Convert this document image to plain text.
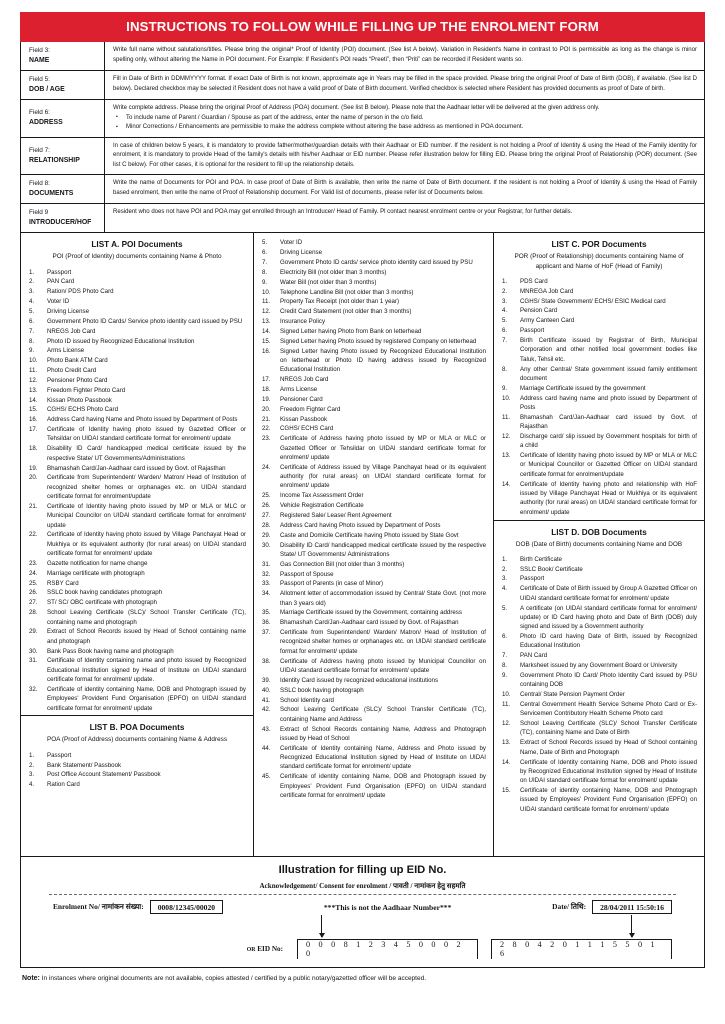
INSTRUCTIONS TO FOLLOW WHILE FILLING UP THE ENROLMENT FORM
Field 3:
NAME

Write full name without salutations/titles. Please bring the original* Proof of Identity (POI) document. (See list A below). Variation in Resident's Name in contrast to POI is permissible as long as the change is minor spelling only, without altering the Name in POI document. For Example: If Resident's POI reads “Preeti”, then “Priti” can be recorded if Resident wants so.

Field 5:
DOB / AGE

Fill in Date of Birth in DDMMYYYY format. If exact Date of Birth is not known, approximate age in Years may be filled in the space provided. Please bring the original Proof of Date of Birth (DOB), if available. (See list D below). Declared checkbox may be selected if Resident does not have a valid proof of Date of Birth document. Verified checkbox is selected where Resident has provided documents as proof of Date of birth.

Field 6:
ADDRESS

Write complete address. Please bring the original Proof of Address (POA) document. (See list B below). Please note that the Aadhaar letter will be delivered at the given address only.

▪ To include name of Parent / Guardian / Spouse as part of the address, enter the name of person in the c/o field.
▪ Minor Corrections / Enhancements are permissible to make the address complete without altering the base address as mentioned in POA document.
Field 7:
RELATIONSHIP

In case of children below 5 years, it is mandatory to provide father/mother/guardian details with their Aadhaar or EID number. If the resident is not holding a Proof of Identity & using the Head of the Family identity for enrolment, it is mandatory to provide Head of the family's details with his/her Aadhaar or EID number. Please refer illustration below for filling EID. Please bring the original Proof of Relationship (POR) document. (See list C below). For other cases, it is optional for the resident to fill up the relationship details.

Field 8:
DOCUMENTS

Write the name of Documents for POI and POA. In case proof of Date of Birth is available, then write the name of Date of Birth document. If the resident is not holding a Proof of Identity & using the Head of Family based enrolment, then write the name of Proof of Relationship document. For Valid list of documents, please refer list of Documents below.

Field 9
INTRODUCER/HOF

Resident who does not have POI and POA may get enrolled through an Introducer/ Head of Family. Pl contact nearest enrolment centre or your Registrar, for further details.

LIST A. POI Documents
POI (Proof of Identity) documents containing Name & Photo
Passport
PAN Card
Ration/ PDS Photo Card
Voter ID
Driving License
Government Photo ID Cards/ Service photo identity card issued by PSU
NREGS Job Card
Photo ID issued by Recognized Educational Institution
Arms License
Photo Bank ATM Card
Photo Credit Card
Pensioner Photo Card
Freedom Fighter Photo Card
Kissan Photo Passbook
CGHS/ ECHS Photo Card
Address Card having Name and Photo issued by Department of Posts
Certificate of Identity having photo issued by Gazetted Officer or Tehsildar on UIDAI standard certificate format for enrolment/ update
Disability ID Card/ handicapped medical certificate issued by the respective State/ UT Governments/Administrations
Bhamashah Card/Jan-Aadhaar card issued by Govt. of Rajasthan
Certificate from Superintendent/ Warden/ Matron/ Head of Institution of recognized shelter homes or orphanages etc. on UIDAI standard certificate format for enrolment/update
Certificate of Identity having photo issued by MP or MLA or MLC or Municipal Councilor on UIDAI standard certificate format for enrolment/ update
Certificate of Identity having photo issued by Village Panchayat Head or Mukhiya or its equivalent authority (for rural areas) on UIDAI standard certificate format for enrolment/ update
Gazette notification for name change
Marriage certificate with photograph
RSBY Card
SSLC book having candidates photograph
ST/ SC/ OBC certificate with photograph
School Leaving Certificate (SLC)/ School Transfer Certificate (TC), containing name and photograph
Extract of School Records issued by Head of School containing name and photograph
Bank Pass Book having name and photograph
Certificate of Identity containing name and photo issued by Recognized Educational Institution signed by Head of Institute on UIDAI standard certificate format for enrolment/ update.
Certificate of identity containing Name, DOB and Photograph issued by Employees' Provident Fund Organisation (EPFO) on UIDAI standard certificate format for enrolment/ update
LIST B. POA Documents
POA (Proof of Address) documents containing Name & Address
Passport
Bank Statement/ Passbook
Post Office Account Statement/ Passbook
Ration Card
Voter ID
Driving License
Government Photo ID cards/ service photo identity card issued by PSU
Electricity Bill (not older than 3 months)
Water Bill (not older than 3 months)
Telephone Landline Bill (not older than 3 months)
Property Tax Receipt (not older than 1 year)
Credit Card Statement (not older than 3 months)
Insurance Policy
Signed Letter having Photo from Bank on letterhead
Signed Letter having Photo issued by registered Company on letterhead
Signed Letter having Photo issued by Recognized Educational Institution on letterhead or Photo ID having address issued by Recognized Educational Institution
NREGS Job Card
Arms License
Pensioner Card
Freedom Fighter Card
Kissan Passbook
CGHS/ ECHS Card
Certificate of Address having photo issued by MP or MLA or MLC or Gazetted Officer or Tehsildar on UIDAI standard certificate format for enrolment/ update
Certificate of Address issued by Village Panchayat head or its equivalent authority (for rural areas) on UIDAI standard certificate format for enrolment/ update
Income Tax Assessment Order
Vehicle Registration Certificate
Registered Sale/ Lease/ Rent Agreement
Address Card having Photo issued by Department of Posts
Caste and Domicile Certificate having Photo issued by State Govt
Disability ID Card/ handicapped medical certificate issued by the respective State/ UT Governments/ Administrations
Gas Connection Bill (not older than 3 months)
Passport of Spouse
Passport of Parents (in case of Minor)
Allotment letter of accommodation issued by Central/ State Govt. (not more than 3 years old)
Marriage Certificate issued by the Government, containing address
Bhamashah Card/Jan-Aadhaar card issued by Govt. of Rajasthan
Certificate from Superintendent/ Warden/ Matron/ Head of Institution of recognized shelter homes or orphanages etc. on UIDAI standard certificate format for enrolment/ update
Certificate of Address having photo issued by Municipal Councillor on UIDAI standard certificate format for enrolment/ update
Identity Card issued by recognized educational institutions
SSLC book having photograph
School Identity card
School Leaving Certificate (SLC)/ School Transfer Certificate (TC), containing Name and Address
Extract of School Records containing Name, Address and Photograph issued by Head of School
Certificate of Identity containing Name, Address and Photo issued by Recognized Educational Institution signed by Head of Institute on UIDAI standard certificate format for enrolment/ update
Certificate of identity containing Name, DOB and Photograph issued by Employees' Provident Fund Organisation (EPFO) on UIDAI standard certificate format for enrolment/ update
LIST C. POR Documents
POR (Proof of Relationship) documents containing Name of applicant and Name of HoF (Head of Family)
PDS Card
MNREGA Job Card
CGHS/ State Government/ ECHS/ ESIC Medical card
Pension Card
Army Canteen Card
Passport
Birth Certificate issued by Registrar of Birth, Municipal Corporation and other notified local government bodies like Taluk, Tehsil etc.
Any other Central/ State government issued family entitlement document
Marriage Certificate issued by the government
Address card having name and photo issued by Department of Posts
Bhamashah Card/Jan-Aadhaar card issued by Govt. of Rajasthan
Discharge card/ slip issued by Government hospitals for birth of a child
Certificate of Identity having photo issued by MP or MLA or MLC or Municipal Councillor or Gazetted Officer on UIDAI standard certificate format for enrolment/update
Certificate of Identity having photo and relationship with HoF issued by Village Panchayat Head or Mukhiya or its equivalent authority (for rural areas) on UIDAI standard certificate format for enrolment/ update
LIST D. DOB Documents
DOB (Date of Birth) documents containing Name and DOB
Birth Certificate
SSLC Book/ Certificate
Passport
Certificate of Date of Birth issued by Group A Gazetted Officer on UIDAI standard certificate format for enrolment/ update
A certificate (on UIDAI standard certificate format for enrolment/ update) or ID Card having photo and Date of Birth (DOB) duly signed and issued by a Government authority
Photo ID card having Date of Birth, issued by Recognized Educational Institution
PAN Card
Marksheet issued by any Government Board or University
Government Photo ID Card/ Photo Identity Card issued by PSU containing DOB
Central/ State Pension Payment Order
Central Government Health Service Scheme Photo Card or Ex-Servicemen Contributory Health Scheme Photo card
School Leaving Certificate (SLC)/ School Transfer Certificate (TC), containing Name and Date of Birth
Extract of School Records issued by Head of School containing Name, Date of Birth and Photograph
Certificate of Identity containing Name, DOB and Photo issued by Recognized Educational Institution signed by Head of Institute on UIDAI standard certificate format for enrolment/ update
Certificate of identity containing Name, DOB and Photograph issued by Employees' Provident Fund Organisation (EPFO) on UIDAI standard certificate format for enrolment/ update
Illustration for filling up EID No.
Acknowledgement/ Consent for enrolment / पावती / नामांकन हेतु सहमति
Enrolment No/ नामांकन संख्या:	0008/12345/00020	***This is not the Aadhaar Number***	Date/ तिथि:	28/04/2011 15:50:16
OR EID No:	0 0 0 8 1 2 3 4 5 0 0 0 2 0
2 8 0 4 2 0 1 1 1 5 5 0 1 6
Note: In instances where original documents are not available, copies attested / certified by a public notary/gazetted officer will be accepted.
